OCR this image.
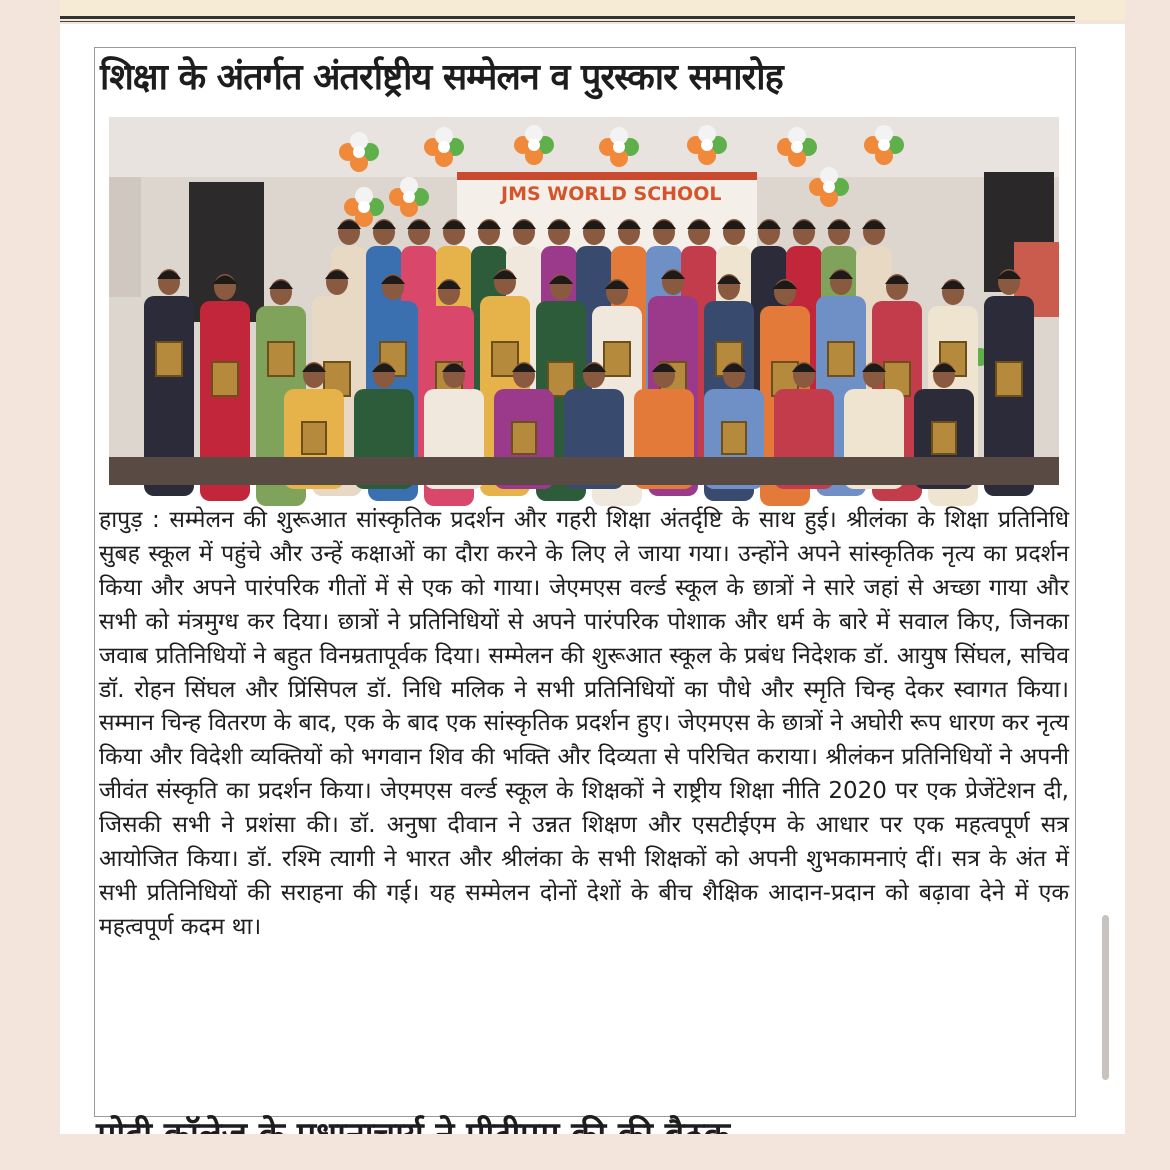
शिक्षा के अंतर्गत अंतर्राष्ट्रीय सम्मेलन व पुरस्कार समारोह
JMS WORLD SCHOOL

हापुड़ : सम्मेलन की शुरूआत सांस्कृतिक प्रदर्शन और गहरी शिक्षा अंतर्दृष्टि के साथ हुई। श्रीलंका के शिक्षा प्रतिनिधि सुबह स्कूल में पहुंचे और उन्हें कक्षाओं का दौरा करने के लिए ले जाया गया। उन्होंने अपने सांस्कृतिक नृत्य का प्रदर्शन किया और अपने पारंपरिक गीतों में से एक को गाया। जेएमएस वर्ल्ड स्कूल के छात्रों ने सारे जहां से अच्छा गाया और सभी को मंत्रमुग्ध कर दिया। छात्रों ने प्रतिनिधियों से अपने पारंपरिक पोशाक और धर्म के बारे में सवाल किए, जिनका जवाब प्रतिनिधियों ने बहुत विनम्रतापूर्वक दिया। सम्मेलन की शुरूआत स्कूल के प्रबंध निदेशक डॉ. आयुष सिंघल, सचिव डॉ. रोहन सिंघल और प्रिंसिपल डॉ. निधि मलिक ने सभी प्रतिनिधियों का पौधे और स्मृति चिन्ह देकर स्वागत किया। सम्मान चिन्ह वितरण के बाद, एक के बाद एक सांस्कृतिक प्रदर्शन हुए। जेएमएस के छात्रों ने अघोरी रूप धारण कर नृत्य किया और विदेशी व्यक्तियों को भगवान शिव की भक्ति और दिव्यता से परिचित कराया। श्रीलंकन प्रतिनिधियों ने अपनी जीवंत संस्कृति का प्रदर्शन किया। जेएमएस वर्ल्ड स्कूल के शिक्षकों ने राष्ट्रीय शिक्षा नीति 2020 पर एक प्रेजेंटेशन दी, जिसकी सभी ने प्रशंसा की। डॉ. अनुषा दीवान ने उन्नत शिक्षण और एसटीईएम के आधार पर एक महत्वपूर्ण सत्र आयोजित किया। डॉ. रश्मि त्यागी ने भारत और श्रीलंका के सभी शिक्षकों को अपनी शुभकामनाएं दीं। सत्र के अंत में सभी प्रतिनिधियों की सराहना की गई। यह सम्मेलन दोनों देशों के बीच शैक्षिक आदान-प्रदान को बढ़ावा देने में एक महत्वपूर्ण कदम था।
